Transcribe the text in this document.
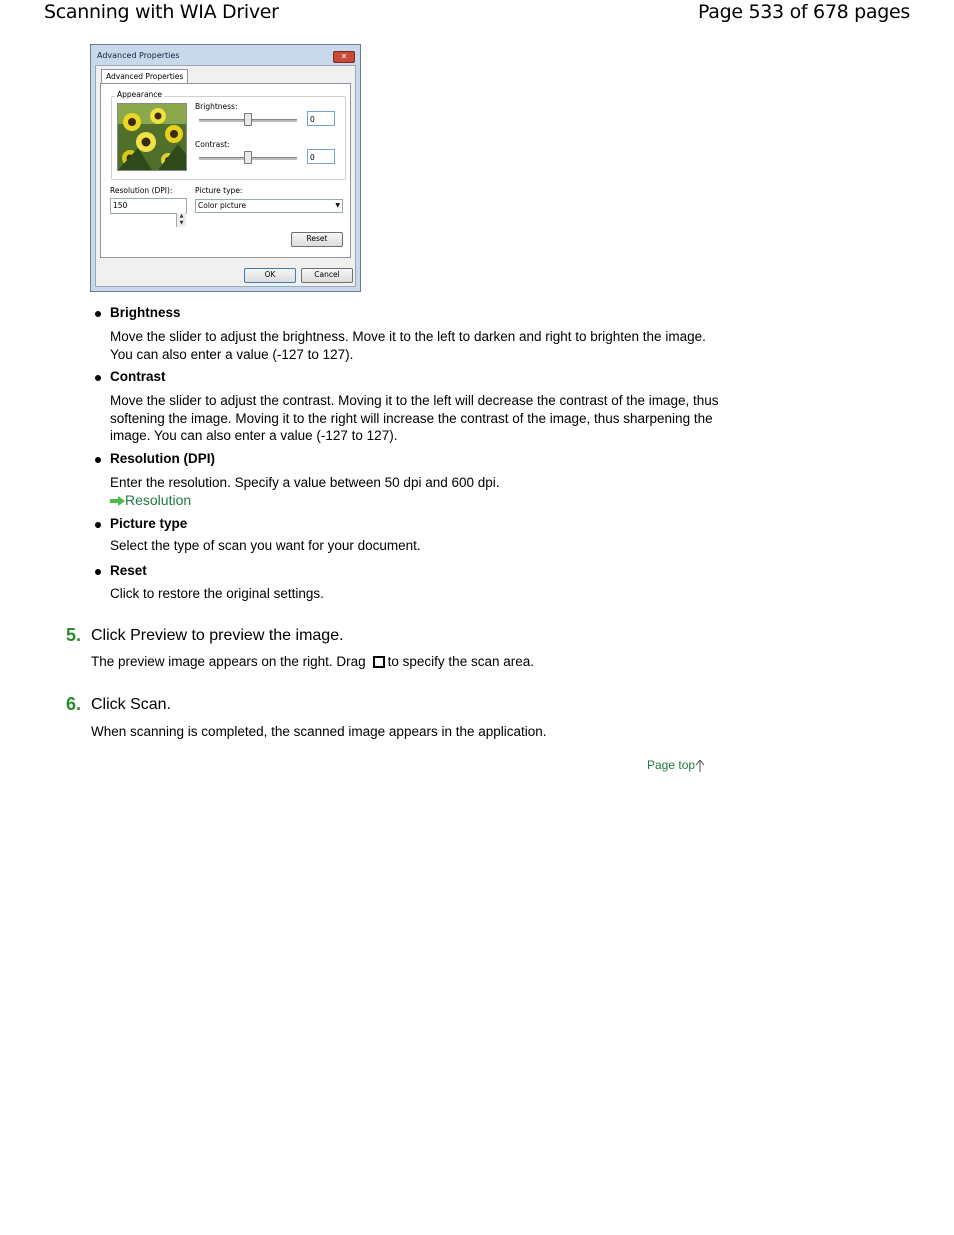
Scanning with WIA Driver	Page 533 of 678 pages
Advanced Properties	✕
Advanced Properties
Appearance
Brightness:
0
Contrast:
0
Resolution (DPI):
150
▲
▼
Picture type:
Color picture	▼
Reset
OK	Cancel
Brightness
Move the slider to adjust the brightness. Move it to the left to darken and right to brighten the image. You can also enter a value (-127 to 127).
Contrast
Move the slider to adjust the contrast. Moving it to the left will decrease the contrast of the image, thus softening the image. Moving it to the right will increase the contrast of the image, thus sharpening the image. You can also enter a value (-127 to 127).
Resolution (DPI)
Enter the resolution. Specify a value between 50 dpi and 600 dpi.
Resolution
Picture type
Select the type of scan you want for your document.
Reset
Click to restore the original settings.
5. Click Preview to preview the image.
The preview image appears on the right. Drag to specify the scan area.
6. Click Scan.
When scanning is completed, the scanned image appears in the application.
Page top
